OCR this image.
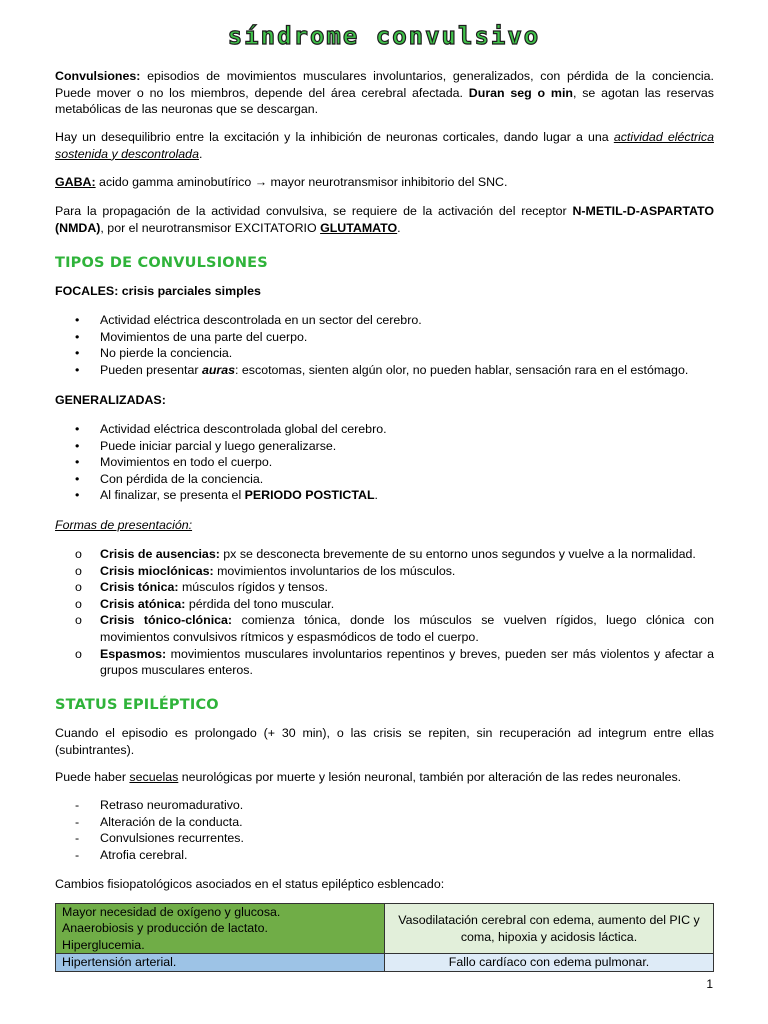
síndrome convulsivo

Convulsiones: episodios de movimientos musculares involuntarios, generalizados, con pérdida de la conciencia. Puede mover o no los miembros, depende del área cerebral afectada. Duran seg o min, se agotan las reservas metabólicas de las neuronas que se descargan.

Hay un desequilibrio entre la excitación y la inhibición de neuronas corticales, dando lugar a una actividad eléctrica sostenida y descontrolada.

GABA: acido gamma aminobutírico → mayor neurotransmisor inhibitorio del SNC.

Para la propagación de la actividad convulsiva, se requiere de la activación del receptor N-METIL-D-ASPARTATO (NMDA), por el neurotransmisor EXCITATORIO GLUTAMATO.

TIPOS DE CONVULSIONES

FOCALES: crisis parciales simples

• Actividad eléctrica descontrolada en un sector del cerebro.
• Movimientos de una parte del cuerpo.
• No pierde la conciencia.
• Pueden presentar auras: escotomas, sienten algún olor, no pueden hablar, sensación rara en el estómago.

GENERALIZADAS:

• Actividad eléctrica descontrolada global del cerebro.
• Puede iniciar parcial y luego generalizarse.
• Movimientos en todo el cuerpo.
• Con pérdida de la conciencia.
• Al finalizar, se presenta el PERIODO POSTICTAL.

Formas de presentación:

o Crisis de ausencias: px se desconecta brevemente de su entorno unos segundos y vuelve a la normalidad.
o Crisis mioclónicas: movimientos involuntarios de los músculos.
o Crisis tónica: músculos rígidos y tensos.
o Crisis atónica: pérdida del tono muscular.
o Crisis tónico-clónica: comienza tónica, donde los músculos se vuelven rígidos, luego clónica con movimientos convulsivos rítmicos y espasmódicos de todo el cuerpo.
o Espasmos: movimientos musculares involuntarios repentinos y breves, pueden ser más violentos y afectar a grupos musculares enteros.
STATUS EPILÉPTICO

Cuando el episodio es prolongado (+ 30 min), o las crisis se repiten, sin recuperación ad integrum entre ellas (subintrantes).

Puede haber secuelas neurológicas por muerte y lesión neuronal, también por alteración de las redes neuronales.

- Retraso neuromadurativo.
- Alteración de la conducta.
- Convulsiones recurrentes.
- Atrofia cerebral.

Cambios fisiopatológicos asociados en el status epiléptico esblencado:

Mayor necesidad de oxígeno y glucosa.
Anaerobiosis y producción de lactato.
Hiperglucemia.	Vasodilatación cerebral con edema, aumento del PIC y coma, hipoxia y acidosis láctica.
Hipertensión arterial.	Fallo cardíaco con edema pulmonar.
1
